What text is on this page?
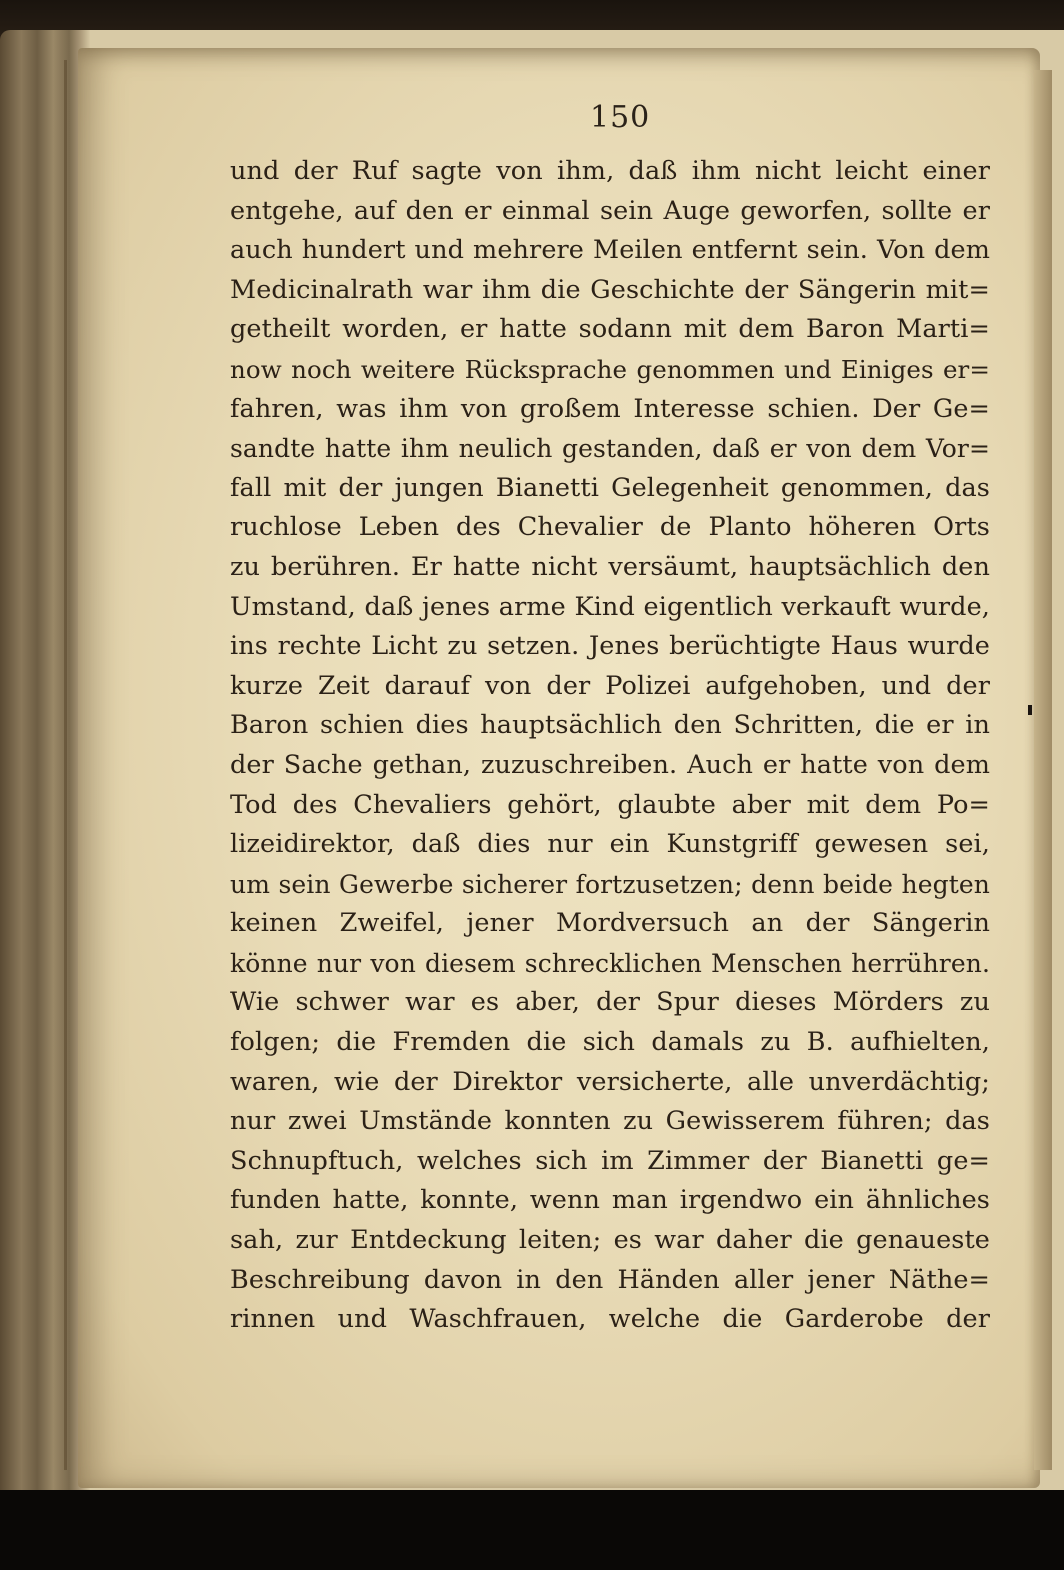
150
und der Ruf sagte von ihm, daß ihm nicht leicht einer
entgehe, auf den er einmal sein Auge geworfen, sollte er
auch hundert und mehrere Meilen entfernt sein. Von dem
Medicinalrath war ihm die Geschichte der Sängerin mit=
getheilt worden, er hatte sodann mit dem Baron Marti=
now noch weitere Rücksprache genommen und Einiges er=
fahren, was ihm von großem Interesse schien. Der Ge=
sandte hatte ihm neulich gestanden, daß er von dem Vor=
fall mit der jungen Bianetti Gelegenheit genommen, das
ruchlose Leben des Chevalier de Planto höheren Orts
zu berühren. Er hatte nicht versäumt, hauptsächlich den
Umstand, daß jenes arme Kind eigentlich verkauft wurde,
ins rechte Licht zu setzen. Jenes berüchtigte Haus wurde
kurze Zeit darauf von der Polizei aufgehoben, und der
Baron schien dies hauptsächlich den Schritten, die er in
der Sache gethan, zuzuschreiben. Auch er hatte von dem
Tod des Chevaliers gehört, glaubte aber mit dem Po=
lizeidirektor, daß dies nur ein Kunstgriff gewesen sei,
um sein Gewerbe sicherer fortzusetzen; denn beide hegten
keinen Zweifel, jener Mordversuch an der Sängerin
könne nur von diesem schrecklichen Menschen herrühren.
Wie schwer war es aber, der Spur dieses Mörders zu
folgen; die Fremden die sich damals zu B. aufhielten,
waren, wie der Direktor versicherte, alle unverdächtig;
nur zwei Umstände konnten zu Gewisserem führen; das
Schnupftuch, welches sich im Zimmer der Bianetti ge=
funden hatte, konnte, wenn man irgendwo ein ähnliches
sah, zur Entdeckung leiten; es war daher die genaueste
Beschreibung davon in den Händen aller jener Näthe=
rinnen und Waschfrauen, welche die Garderobe der
